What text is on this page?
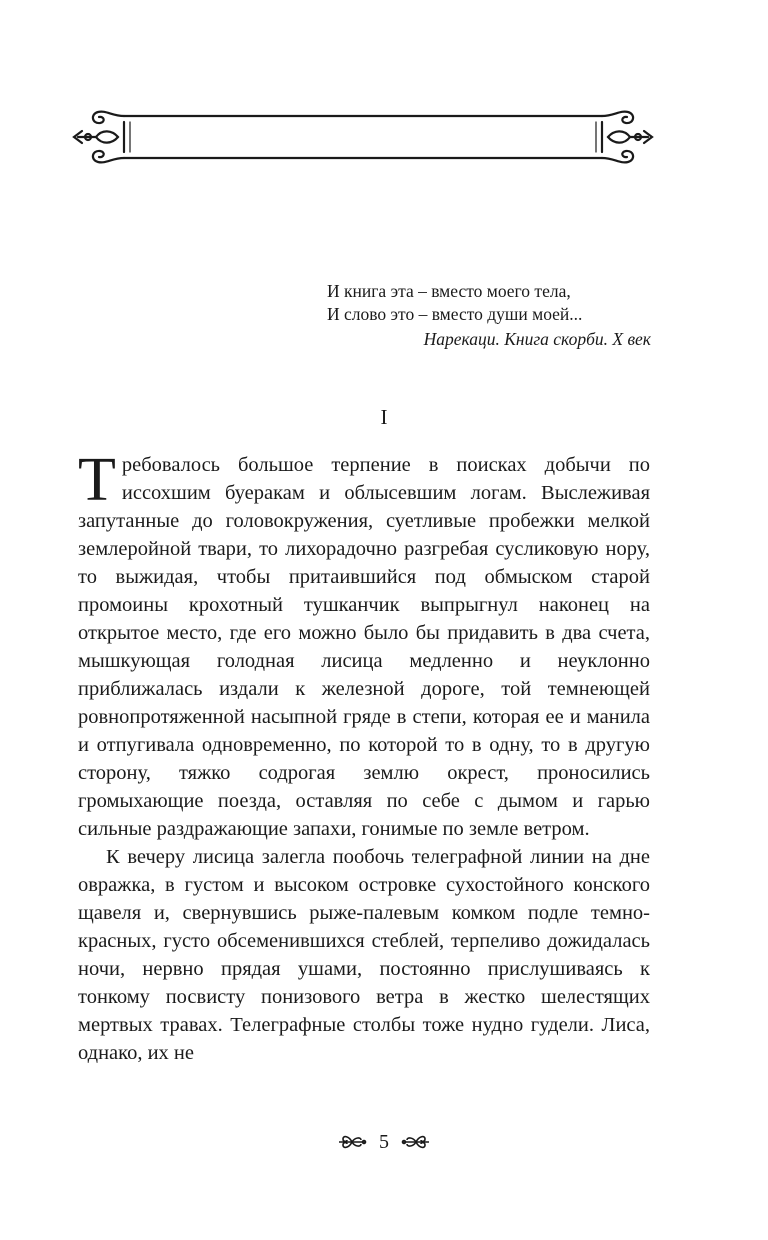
И книга эта – вместо моего тела,
И слово это – вместо души моей...
Нарекаци. Книга скорби. X век
I

Требовалось большое терпение в поисках добычи по иссохшим буеракам и облысевшим логам. Выслеживая запутанные до головокружения, суетливые пробежки мелкой землеройной твари, то лихорадочно разгребая сусликовую нору, то выжидая, чтобы притаившийся под обмыском старой промоины крохотный тушканчик выпрыгнул наконец на открытое место, где его можно было бы придавить в два счета, мышкующая голодная лисица медленно и неуклонно приближалась издали к железной дороге, той темнеющей ровнопротяженной насыпной гряде в степи, которая ее и манила и отпугивала одновременно, по которой то в одну, то в другую сторону, тяжко содрогая землю окрест, проносились громыхающие поезда, оставляя по себе с дымом и гарью сильные раздражающие запахи, гонимые по земле ветром.

К вечеру лисица залегла пообочь телеграфной линии на дне овражка, в густом и высоком островке сухостойного конского щавеля и, свернувшись рыже-палевым комком подле темно-красных, густо обсеменившихся стеблей, терпеливо дожидалась ночи, нервно прядая ушами, постоянно прислушиваясь к тонкому посвисту понизового ветра в жестко шелестящих мертвых травах. Телеграфные столбы тоже нудно гудели. Лиса, однако, их не

5
